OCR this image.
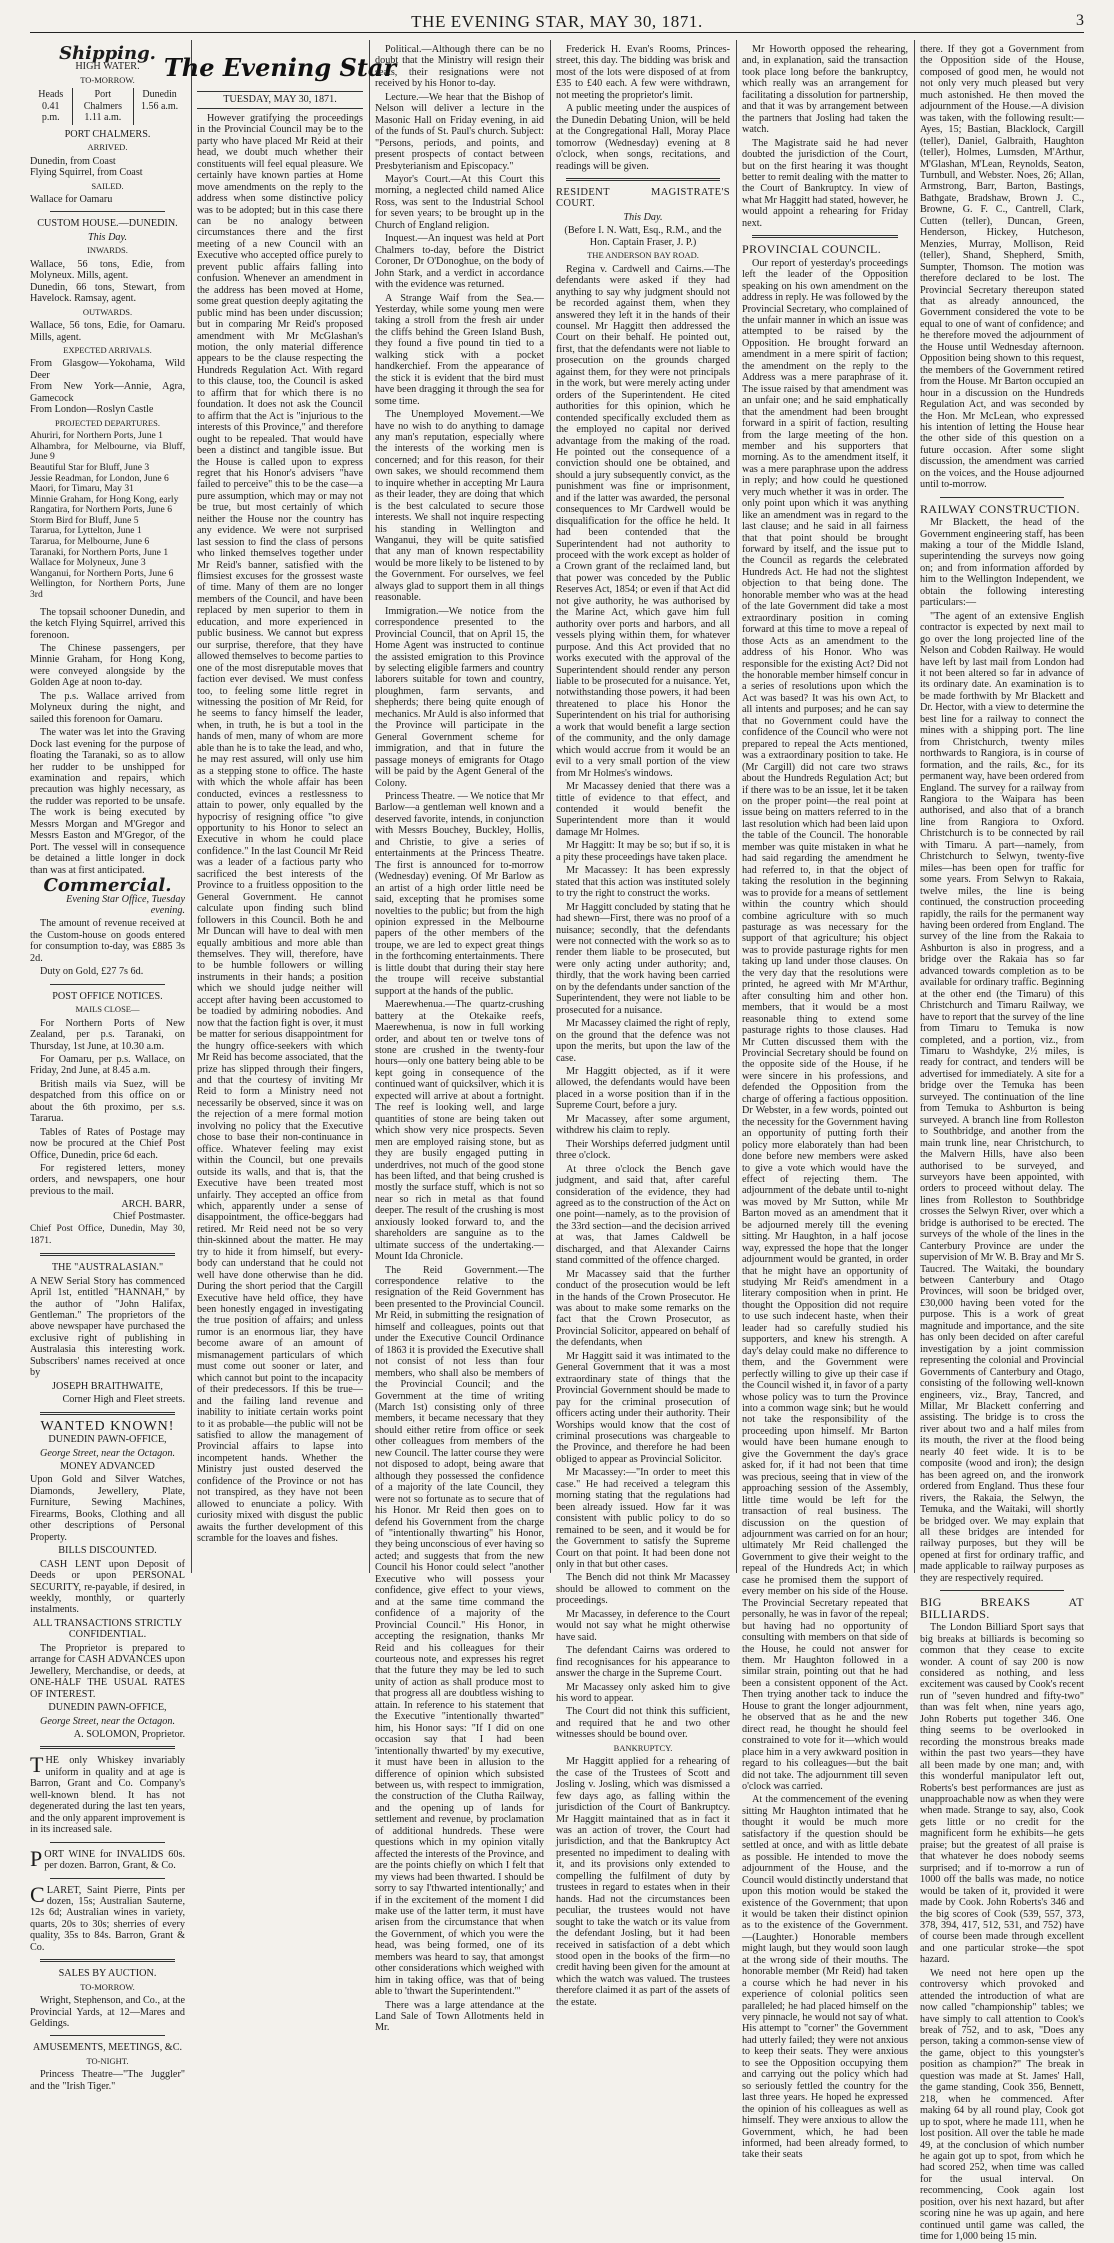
THE EVENING STAR, MAY 30, 1871.	3
Shipping.

HIGH WATER.

TO-MORROW.

Heads 0.41 p.m.	Port Chalmers 1.11 a.m.	Dunedin 1.56 a.m.

PORT CHALMERS.

ARRIVED.

Dunedin, from Coast
Flying Squirrel, from Coast

SAILED.

Wallace for Oamaru

CUSTOM HOUSE.—DUNEDIN.

This Day.

INWARDS.

Wallace, 56 tons, Edie, from Molyneux. Mills, agent.
Dunedin, 66 tons, Stewart, from Havelock. Ramsay, agent.

OUTWARDS.

Wallace, 56 tons, Edie, for Oamaru. Mills, agent.

EXPECTED ARRIVALS.

From Glasgow—Yokohama, Wild Deer
From New York—Annie, Agra, Gamecock
From London—Roslyn Castle

PROJECTED DEPARTURES.

Ahuriri, for Northern Ports, June 1
Alhambra, for Melbourne, via Bluff, June 9
Beautiful Star for Bluff, June 3
Jessie Readman, for London, June 6
Maori, for Timaru, May 31
Minnie Graham, for Hong Kong, early
Rangatira, for Northern Ports, June 6
Storm Bird for Bluff, June 5
Tararua, for Lyttelton, June 1
Tararua, for Melbourne, June 6
Taranaki, for Northern Ports, June 1
Wallace for Molyneux, June 3
Wanganui, for Northern Ports, June 6
Wellington, for Northern Ports, June 3rd

The topsail schooner Dunedin, and the ketch Flying Squirrel, arrived this forenoon.

The Chinese passengers, per Minnie Graham, for Hong Kong, were conveyed alongside by the Golden Age at noon to-day.

The p.s. Wallace arrived from Molyneux during the night, and sailed this forenoon for Oamaru.

The water was let into the Graving Dock last evening for the purpose of floating the Taranaki, so as to allow her rudder to be unshipped for examination and repairs, which precaution was highly necessary, as the rudder was reported to be unsafe. The work is being executed by Messrs Morgan and M'Gregor and Messrs Easton and M'Gregor, of the Port. The vessel will in consequence be detained a little longer in dock than was at first anticipated.

Commercial.

Evening Star Office, Tuesday evening.

The amount of revenue received at the Custom-house on goods entered for consumption to-day, was £885 3s 2d.

Duty on Gold, £27 7s 6d.

POST OFFICE NOTICES.

MAILS CLOSE—

For Northern Ports of New Zealand, per p.s. Taranaki, on Thursday, 1st June, at 10.30 a.m.

For Oamaru, per p.s. Wallace, on Friday, 2nd June, at 8.45 a.m.

British mails via Suez, will be despatched from this office on or about the 6th proximo, per s.s. Tararua.

Tables of Rates of Postage may now be procured at the Chief Post Office, Dunedin, price 6d each.

For registered letters, money orders, and newspapers, one hour previous to the mail.

ARCH. BARR,
Chief Postmaster.

Chief Post Office, Dunedin, May 30, 1871.

THE "AUSTRALASIAN."

A NEW Serial Story has commenced April 1st, entitled "HANNAH," by the author of "John Halifax, Gentleman." The proprietors of the above newspaper have purchased the exclusive right of publishing in Australasia this interesting work. Subscribers' names received at once by

JOSEPH BRAITHWAITE,

Corner High and Fleet streets.

WANTED KNOWN!

DUNEDIN PAWN-OFFICE,

George Street, near the Octagon.

MONEY ADVANCED

Upon Gold and Silver Watches, Diamonds, Jewellery, Plate, Furniture, Sewing Machines, Firearms, Books, Clothing and all other descriptions of Personal Property.

BILLS DISCOUNTED.

CASH LENT upon Deposit of Deeds or upon PERSONAL SECURITY, re-payable, if desired, in weekly, monthly, or quarterly instalments.

ALL TRANSACTIONS STRICTLY CONFIDENTIAL.

The Proprietor is prepared to arrange for CASH ADVANCES upon Jewellery, Merchandise, or deeds, at ONE-HALF THE USUAL RATES OF INTEREST.

DUNEDIN PAWN-OFFICE,

George Street, near the Octagon.

A. SOLOMON, Proprietor.

THE only Whiskey invariably uniform in quality and at age is Barron, Grant and Co. Company's well-known blend. It has not degenerated during the last ten years, and the only apparent improvement is in its increased sale.

PORT WINE for INVALIDS 60s. per dozen. Barron, Grant, & Co.

CLARET, Saint Pierre, Pints per dozen, 15s; Australian Sauterne, 12s 6d; Australian wines in variety, quarts, 20s to 30s; sherries of every quality, 35s to 84s. Barron, Grant & Co.

SALES BY AUCTION.

TO-MORROW.

Wright, Stephenson, and Co., at the Provincial Yards, at 12—Mares and Geldings.

AMUSEMENTS, MEETINGS, &C.

TO-NIGHT.

Princess Theatre—"The Juggler" and the "Irish Tiger."

The Evening Star

TUESDAY, MAY 30, 1871.

However gratifying the proceedings in the Provincial Council may be to the party who have placed Mr Reid at their head, we doubt much whether their constituents will feel equal pleasure. We certainly have known parties at Home move amendments on the reply to the address when some distinctive policy was to be adopted; but in this case there can be no analogy between circumstances there and the first meeting of a new Council with an Executive who accepted office purely to prevent public affairs falling into confusion. Whenever an amendment in the address has been moved at Home, some great question deeply agitating the public mind has been under discussion; but in comparing Mr Reid's proposed amendment with Mr McGlashan's motion, the only material difference appears to be the clause respecting the Hundreds Regulation Act. With regard to this clause, too, the Council is asked to affirm that for which there is no foundation. It does not ask the Council to affirm that the Act is "injurious to the interests of this Province," and therefore ought to be repealed. That would have been a distinct and tangible issue. But the House is called upon to express regret that his Honor's advisers "have failed to perceive" this to be the case—a pure assumption, which may or may not be true, but most certainly of which neither the House nor the country has any evidence. We were not surprised last session to find the class of persons who linked themselves together under Mr Reid's banner, satisfied with the flimsiest excuses for the grossest waste of time. Many of them are no longer members of the Council, and have been replaced by men superior to them in education, and more experienced in public business. We cannot but express our surprise, therefore, that they have allowed themselves to become parties to one of the most disreputable moves that faction ever devised. We must confess too, to feeling some little regret in witnessing the position of Mr Reid, for he seems to fancy himself the leader, when, in truth, he is but a tool in the hands of men, many of whom are more able than he is to take the lead, and who, he may rest assured, will only use him as a stepping stone to office. The haste with which the whole affair has been conducted, evinces a restlessness to attain to power, only equalled by the hypocrisy of resigning office "to give opportunity to his Honor to select an Executive in whom he could place confidence." In the last Council Mr Reid was a leader of a factious party who sacrificed the best interests of the Province to a fruitless opposition to the General Government. He cannot calculate upon finding such blind followers in this Council. Both he and Mr Duncan will have to deal with men equally ambitious and more able than themselves. They will, therefore, have to be humble followers or willing instruments in their hands; a position which we should judge neither will accept after having been accustomed to be toadied by admiring nobodies. And now that the faction fight is over, it must be matter for serious disappointment for the hungry office-seekers with which Mr Reid has become associated, that the prize has slipped through their fingers, and that the courtesy of inviting Mr Reid to form a Ministry need not necessarily be observed, since it was on the rejection of a mere formal motion involving no policy that the Executive chose to base their non-continuance in office. Whatever feeling may exist within the Council, but one prevails outside its walls, and that is, that the Executive have been treated most unfairly. They accepted an office from which, apparently under a sense of disappointment, the office-beggars had retired. Mr Reid need not be so very thin-skinned about the matter. He may try to hide it from himself, but every-body can understand that he could not well have done otherwise than he did. During the short period that the Cargill Executive have held office, they have been honestly engaged in investigating the true position of affairs; and unless rumor is an enormous liar, they have become aware of an amount of mismanagement particulars of which must come out sooner or later, and which cannot but point to the incapacity of their predecessors. If this be true—and the failing land revenue and inability to initiate certain works point to it as probable—the public will not be satisfied to allow the management of Provincial affairs to lapse into incompetent hands. Whether the Ministry just ousted deserved the confidence of the Province or not has not transpired, as they have not been allowed to enunciate a policy. With curiosity mixed with disgust the public awaits the further development of this scramble for the loaves and fishes.

Political.—Although there can be no doubt that the Ministry will resign their seats, their resignations were not received by his Honor to-day.

Lecture.—We hear that the Bishop of Nelson will deliver a lecture in the Masonic Hall on Friday evening, in aid of the funds of St. Paul's church. Subject: "Persons, periods, and points, and present prospects of contact between Presbyterianism and Episcopacy."

Mayor's Court.—At this Court this morning, a neglected child named Alice Ross, was sent to the Industrial School for seven years; to be brought up in the Church of England religion.

Inquest.—An inquest was held at Port Chalmers to-day, before the District Coroner, Dr O'Donoghue, on the body of John Stark, and a verdict in accordance with the evidence was returned.

A Strange Waif from the Sea.—Yesterday, while some young men were taking a stroll from the fresh air under the cliffs behind the Green Island Bush, they found a five pound tin tied to a walking stick with a pocket handkerchief. From the appearance of the stick it is evident that the bird must have been dragging it through the sea for some time.

The Unemployed Movement.—We have no wish to do anything to damage any man's reputation, especially where the interests of the working men is concerned; and for this reason, for their own sakes, we should recommend them to inquire whether in accepting Mr Laura as their leader, they are doing that which is the best calculated to secure those interests. We shall not inquire respecting his standing in Wellington and Wanganui, they will be quite satisfied that any man of known respectability would be more likely to be listened to by the Government. For ourselves, we feel always glad to support them in all things reasonable.

Immigration.—We notice from the correspondence presented to the Provincial Council, that on April 15, the Home Agent was instructed to continue the assisted emigration to this Province by selecting eligible farmers and country laborers suitable for town and country, ploughmen, farm servants, and shepherds; there being quite enough of mechanics. Mr Auld is also informed that the Province will participate in the General Government scheme for immigration, and that in future the passage moneys of emigrants for Otago will be paid by the Agent General of the Colony.

Princess Theatre. — We notice that Mr Barlow—a gentleman well known and a deserved favorite, intends, in conjunction with Messrs Bouchey, Buckley, Hollis, and Christie, to give a series of entertainments at the Princess Theatre. The first is announced for to-morrow (Wednesday) evening. Of Mr Barlow as an artist of a high order little need be said, excepting that he promises some novelties to the public; but from the high opinion expressed in the Melbourne papers of the other members of the troupe, we are led to expect great things in the forthcoming entertainments. There is little doubt that during their stay here the troupe will receive substantial support at the hands of the public.

Maerewhenua.—The quartz-crushing battery at the Otekaike reefs, Maerewhenua, is now in full working order, and about ten or twelve tons of stone are crushed in the twenty-four hours—only one battery being able to be kept going in consequence of the continued want of quicksilver, which it is expected will arrive at about a fortnight. The reef is looking well, and large quantities of stone are being taken out which show very nice prospects. Seven men are employed raising stone, but as they are busily engaged putting in underdrives, not much of the good stone has been lifted, and that being crushed is mostly the surface stuff, which is not so near so rich in metal as that found deeper. The result of the crushing is most anxiously looked forward to, and the shareholders are sanguine as to the ultimate success of the undertaking.—Mount Ida Chronicle.

The Reid Government.—The correspondence relative to the resignation of the Reid Government has been presented to the Provincial Council. Mr Reid, in submitting the resignation of himself and colleagues, points out that under the Executive Council Ordinance of 1863 it is provided the Executive shall not consist of not less than four members, who shall also be members of the Provincial Council; and the Government at the time of writing (March 1st) consisting only of three members, it became necessary that they should either retire from office or seek other colleagues from members of the new Council. The latter course they were not disposed to adopt, being aware that although they possessed the confidence of a majority of the late Council, they were not so fortunate as to secure that of his Honor. Mr Reid then goes on to defend his Government from the charge of "intentionally thwarting" his Honor, they being unconscious of ever having so acted; and suggests that from the new Council his Honor could select "another Executive who will possess your confidence, give effect to your views, and at the same time command the confidence of a majority of the Provincial Council." His Honor, in accepting the resignation, thanks Mr Reid and his colleagues for their courteous note, and expresses his regret that the future they may be led to such unity of action as shall produce most to that progress all are doubtless wishing to attain. In reference to his statement that the Executive "intentionally thwarted" him, his Honor says: "If I did on one occasion say that I had been 'intentionally thwarted' by my executive, it must have been in allusion to the difference of opinion which subsisted between us, with respect to immigration, the construction of the Clutha Railway, and the opening up of lands for settlement and revenue, by proclamation of additional hundreds. These were questions which in my opinion vitally affected the interests of the Province, and are the points chiefly on which I felt that my views had been thwarted. I should be sorry to say I'thwarted intentionally;' and if in the excitement of the moment I did make use of the latter term, it must have arisen from the circumstance that when the Government, of which you were the head, was being formed, one of its members was heard to say, that amongst other considerations which weighed with him in taking office, was that of being able to 'thwart the Superintendent.'"

There was a large attendance at the Land Sale of Town Allotments held in Mr.

Frederick H. Evan's Rooms, Princes-street, this day. The bidding was brisk and most of the lots were disposed of at from £35 to £40 each. A few were withdrawn, not meeting the proprietor's limit.

A public meeting under the auspices of the Dunedin Debating Union, will be held at the Congregational Hall, Moray Place tomorrow (Wednesday) evening at 8 o'clock, when songs, recitations, and readings will be given.

RESIDENT MAGISTRATE'S COURT.

This Day.

(Before I. N. Watt, Esq., R.M., and the Hon. Captain Fraser, J. P.)

THE ANDERSON BAY ROAD.

Regina v. Cardwell and Cairns.—The defendants were asked if they had anything to say why judgment should not be recorded against them, when they answered they left it in the hands of their counsel. Mr Haggitt then addressed the Court on their behalf. He pointed out, first, that the defendants were not liable to prosecution on the grounds charged against them, for they were not principals in the work, but were merely acting under orders of the Superintendent. He cited authorities for this opinion, which he contended specifically excluded them as the employed no capital nor derived advantage from the making of the road. He pointed out the consequence of a conviction should one be obtained, and should a jury subsequently convict, as the punishment was fine or imprisonment, and if the latter was awarded, the personal consequences to Mr Cardwell would be disqualification for the office he held. It had been contended that the Superintendent had not authority to proceed with the work except as holder of a Crown grant of the reclaimed land, but that power was conceded by the Public Reserves Act, 1854; or even if that Act did not give authority, he was authorised by the Marine Act, which gave him full authority over ports and harbors, and all vessels plying within them, for whatever purpose. And this Act provided that no works executed with the approval of the Superintendent should render any person liable to be prosecuted for a nuisance. Yet, notwithstanding those powers, it had been threatened to place his Honor the Superintendent on his trial for authorising a work that would benefit a large section of the community, and the only damage which would accrue from it would be an evil to a very small portion of the view from Mr Holmes's windows.

Mr Macassey denied that there was a tittle of evidence to that effect, and contended it would benefit the Superintendent more than it would damage Mr Holmes.

Mr Haggitt: It may be so; but if so, it is a pity these proceedings have taken place.

Mr Macassey: It has been expressly stated that this action was instituted solely to try the right to construct the works.

Mr Haggitt concluded by stating that he had shewn—First, there was no proof of a nuisance; secondly, that the defendants were not connected with the work so as to render them liable to be prosecuted, but were only acting under authority; and, thirdly, that the work having been carried on by the defendants under sanction of the Superintendent, they were not liable to be prosecuted for a nuisance.

Mr Macassey claimed the right of reply, on the ground that the defence was not upon the merits, but upon the law of the case.

Mr Haggitt objected, as if it were allowed, the defendants would have been placed in a worse position than if in the Supreme Court, before a jury.

Mr Macassey, after some argument, withdrew his claim to reply.

Their Worships deferred judgment until three o'clock.

At three o'clock the Bench gave judgment, and said that, after careful consideration of the evidence, they had agreed as to the construction of the Act on one point—namely, as to the provision of the 33rd section—and the decision arrived at was, that James Caldwell be discharged, and that Alexander Cairns stand committed of the offence charged.

Mr Macassey said that the further conduct of the prosecution would be left in the hands of the Crown Prosecutor. He was about to make some remarks on the fact that the Crown Prosecutor, as Provincial Solicitor, appeared on behalf of the defendants, when

Mr Haggitt said it was intimated to the General Government that it was a most extraordinary state of things that the Provincial Government should be made to pay for the criminal prosecution of officers acting under their authority. Their Worships would know that the cost of criminal prosecutions was chargeable to the Province, and therefore he had been obliged to appear as Provincial Solicitor.

Mr Macassey:—"In order to meet this case." He had received a telegram this morning stating that the regulations had been already issued. How far it was consistent with public policy to do so remained to be seen, and it would be for the Government to satisfy the Supreme Court on that point. It had been done not only in that but other cases.

The Bench did not think Mr Macassey should be allowed to comment on the proceedings.

Mr Macassey, in deference to the Court would not say what he might otherwise have said.

The defendant Cairns was ordered to find recognisances for his appearance to answer the charge in the Supreme Court.

Mr Macassey only asked him to give his word to appear.

The Court did not think this sufficient, and required that he and two other witnesses should be bound over.

BANKRUPTCY.

Mr Haggitt applied for a rehearing of the case of the Trustees of Scott and Josling v. Josling, which was dismissed a few days ago, as falling within the jurisdiction of the Court of Bankruptcy. Mr Haggitt maintained that as in fact it was an action of trover, the Court had jurisdiction, and that the Bankruptcy Act presented no impediment to dealing with it, and its provisions only extended to compelling the fulfilment of duty by trustees in regard to estates when in their hands. Had not the circumstances been peculiar, the trustees would not have sought to take the watch or its value from the defendant Josling, but it had been received in satisfaction of a debt which stood open in the books of the firm—no credit having been given for the amount at which the watch was valued. The trustees therefore claimed it as part of the assets of the estate.

Mr Howorth opposed the rehearing, and, in explanation, said the transaction took place long before the bankruptcy, which really was an arrangement for facilitating a dissolution for partnership, and that it was by arrangement between the partners that Josling had taken the watch.

The Magistrate said he had never doubted the jurisdiction of the Court, but on the first hearing it was thought better to remit dealing with the matter to the Court of Bankruptcy. In view of what Mr Haggitt had stated, however, he would appoint a rehearing for Friday next.

PROVINCIAL COUNCIL.

Our report of yesterday's proceedings left the leader of the Opposition speaking on his own amendment on the address in reply. He was followed by the Provincial Secretary, who complained of the unfair manner in which an issue was attempted to be raised by the Opposition. He brought forward an amendment in a mere spirit of faction; the amendment on the reply to the Address was a mere paraphrase of it. The issue raised by that amendment was an unfair one; and he said emphatically that the amendment had been brought forward in a spirit of faction, resulting from the large meeting of the hon. member and his supporters that morning. As to the amendment itself, it was a mere paraphrase upon the address in reply; and how could he questioned very much whether it was in order. The only point upon which it was anything like an amendment was in regard to the last clause; and he said in all fairness that that point should be brought forward by itself, and the issue put to the Council as regards the celebrated Hundreds Act. He had not the slightest objection to that being done. The honorable member who was at the head of the late Government did take a most extraordinary position in coming forward at this time to move a repeal of those Acts as an amendment to the address of his Honor. Who was responsible for the existing Act? Did not the honorable member himself concur in a series of resolutions upon which the Act was based? It was his own Act, to all intents and purposes; and he can say that no Government could have the confidence of the Council who were not prepared to repeal the Acts mentioned, was a extraordinary position to take. He (Mr Cargill) did not care two straws about the Hundreds Regulation Act; but if there was to be an issue, let it be taken on the proper point—the real point at issue being on matters referred to in the last resolution which had been laid upon the table of the Council. The honorable member was quite mistaken in what he had said regarding the amendment he had referred to, in that the object of taking the resolution in the beginning was to provide for a means of settlement within the country which should combine agriculture with so much pasturage as was necessary for the support of that agriculture; his object was to provide pasturage rights for men taking up land under those clauses. On the very day that the resolutions were printed, he agreed with Mr M'Arthur, after consulting him and other hon. members, that it would be a most reasonable thing to extend some pasturage rights to those clauses. Had Mr Cutten discussed them with the Provincial Secretary should be found on the opposite side of the House, if he were sincere in his professions, and defended the Opposition from the charge of offering a factious opposition. Dr Webster, in a few words, pointed out the necessity for the Government having an opportunity of putting forth their policy more elaborately than had been done before new members were asked to give a vote which would have the effect of rejecting them. The adjournment of the debate until to-night was moved by Mr Sutton, while Mr Barton moved as an amendment that it be adjourned merely till the evening sitting. Mr Haughton, in a half jocose way, expressed the hope that the longer adjournment would be granted, in order that he might have an opportunity of studying Mr Reid's amendment in a literary composition when in print. He thought the Opposition did not require to use such indecent haste, when their leader had so carefully studied his supporters, and knew his strength. A day's delay could make no difference to them, and the Government were perfectly willing to give up their case if the Council wished it, in favor of a party whose policy was to turn the Province into a common wage sink; but he would not take the responsibility of the proceeding upon himself. Mr Barton would have been humane enough to give the Government the day's grace asked for, if it had not been that time was precious, seeing that in view of the approaching session of the Assembly, little time would be left for the transaction of real business. The discussion on the question of adjournment was carried on for an hour; ultimately Mr Reid challenged the Government to give their weight to the repeal of the Hundreds Act; in which case he promised them the support of every member on his side of the House. The Provincial Secretary repeated that personally, he was in favor of the repeal; but having had no opportunity of consulting with members on that side of the House, he could not answer for them. Mr Haughton followed in a similar strain, pointing out that he had been a consistent opponent of the Act. Then trying another tack to induce the House to grant the longer adjournment, he observed that as he and the new direct read, he thought he should feel constrained to vote for it—which would place him in a very awkward position in regard to his colleagues—but the bait did not take. The adjournment till seven o'clock was carried.

At the commencement of the evening sitting Mr Haughton intimated that he thought it would be much more satisfactory if the question should be settled at once, and with as little debate as possible. He intended to move the adjournment of the House, and the Council would distinctly understand that upon this motion would be staked the existence of the Government; that upon it would be taken their distinct opinion as to the existence of the Government.—(Laughter.) Honorable members might laugh, but they would soon laugh at the wrong side of their mouths. The honorable member (Mr Reid) had taken a course which he had never in his experience of colonial politics seen paralleled; he had placed himself on the very pinnacle, he would not say of what. His attempt to "corner" the Government had utterly failed; they were not anxious to keep their seats. They were anxious to see the Opposition occupying them and carrying out the policy which had so seriously fettled the country for the last three years. He hoped he expressed the opinion of his colleagues as well as himself. They were anxious to allow the Government, which, he had been informed, had been already formed, to take their seats

there. If they got a Government from the Opposition side of the House, composed of good men, he would not not only very much pleased but very much astonished. He then moved the adjournment of the House.—A division was taken, with the following result:—Ayes, 15; Bastian, Blacklock, Cargill (teller), Daniel, Galbraith, Haughton (teller), Holmes, Lumsden, M'Arthur, M'Glashan, M'Lean, Reynolds, Seaton, Turnbull, and Webster. Noes, 26; Allan, Armstrong, Barr, Barton, Bastings, Bathgate, Bradshaw, Brown J. C., Browne, G. F. C., Cantrell, Clark, Cutten (teller), Duncan, Green, Henderson, Hickey, Hutcheson, Menzies, Murray, Mollison, Reid (teller), Shand, Shepherd, Smith, Sumpter, Thomson. The motion was therefore declared to be lost. The Provincial Secretary thereupon stated that as already announced, the Government considered the vote to be equal to one of want of confidence; and he therefore moved the adjournment of the House until Wednesday afternoon. Opposition being shown to this request, the members of the Government retired from the House. Mr Barton occupied an hour in a discussion on the Hundreds Regulation Act, and was seconded by the Hon. Mr McLean, who expressed his intention of letting the House hear the other side of this question on a future occasion. After some slight discussion, the amendment was carried on the voices, and the House adjourned until to-morrow.

RAILWAY CONSTRUCTION.

Mr Blackett, the head of the Government engineering staff, has been making a tour of the Middle Island, superintending the surveys now going on; and from information afforded by him to the Wellington Independent, we obtain the following interesting particulars:—

"The agent of an extensive English contractor is expected by next mail to go over the long projected line of the Nelson and Cobden Railway. He would have left by last mail from London had it not been altered so far in advance of its ordinary date. An examination is to be made forthwith by Mr Blackett and Dr. Hector, with a view to determine the best line for a railway to connect the mines with a shipping port. The line from Christchurch, twenty miles northwards to Rangiora, is in course of formation, and the rails, &c., for its permanent way, have been ordered from England. The survey for a railway from Rangiora to the Waipara has been authorised, and also that of a branch line from Rangiora to Oxford. Christchurch is to be connected by rail with Timaru. A part—namely, from Christchurch to Selwyn, twenty-five miles—has been open for traffic for some years. From Selwyn to Rakaia, twelve miles, the line is being continued, the construction proceeding rapidly, the rails for the permanent way having been ordered from England. The survey of the line from the Rakaia to Ashburton is also in progress, and a bridge over the Rakaia has so far advanced towards completion as to be available for ordinary traffic. Beginning at the other end (the Timaru) of this Christchurch and Timaru Railway, we have to report that the survey of the line from Timaru to Temuka is now completed, and a portion, viz., from Timaru to Washdyke, 2½ miles, is ready for contract, and tenders will be advertised for immediately. A site for a bridge over the Temuka has been surveyed. The continuation of the line from Temuka to Ashburton is being surveyed. A branch line from Rolleston to Southbridge, and another from the main trunk line, near Christchurch, to the Malvern Hills, have also been authorised to be surveyed, and surveyors have been appointed, with orders to proceed without delay. The lines from Rolleston to Southbridge crosses the Selwyn River, over which a bridge is authorised to be erected. The surveys of the whole of the lines in the Canterbury Province are under the supervision of Mr W. B. Bray and Mr S. Taucred. The Waitaki, the boundary between Canterbury and Otago Provinces, will soon be bridged over, £30,000 having been voted for the purpose. This is a work of great magnitude and importance, and the site has only been decided on after careful investigation by a joint commission representing the colonial and Provincial Governments of Canterbury and Otago, consisting of the following well-known engineers, viz., Bray, Tancred, and Millar, Mr Blackett conferring and assisting. The bridge is to cross the river about two and a half miles from its mouth, the river at the flood being nearly 40 feet wide. It is to be composite (wood and iron); the design has been agreed on, and the ironwork ordered from England. Thus these four rivers, the Rakaia, the Selwyn, the Temuka, and the Waitaki, will shortly be bridged over. We may explain that all these bridges are intended for railway purposes, but they will be opened at first for ordinary traffic, and made applicable to railway purposes as they are respectively required.

BIG BREAKS AT BILLIARDS.

The London Billiard Sport says that big breaks at billiards is becoming so common that they cease to excite wonder. A count of say 200 is now considered as nothing, and less excitement was caused by Cook's recent run of "seven hundred and fifty-two" than was felt when, nine years ago, John Roberts put together 346. One thing seems to be overlooked in recording the monstrous breaks made within the past two years—they have all been made by one man; and, with this wonderful manipulator left out, Roberts's best performances are just as unapproachable now as when they were when made. Strange to say, also, Cook gets little or no credit for the magnificent form he exhibits—he gets praise; but the greatest of all praise is that whatever he does nobody seems surprised; and if to-morrow a run of 1000 off the balls was made, no notice would be taken of it, provided it were made by Cook. John Roberts's 346 and the big scores of Cook (539, 557, 373, 378, 394, 417, 512, 531, and 752) have of course been made through excellent and one particular stroke—the spot hazard.

We need not here open up the controversy which provoked and attended the introduction of what are now called "championship" tables; we have simply to call attention to Cook's break of 752, and to ask, "Does any person, taking a common-sense view of the game, object to this youngster's position as champion?" The break in question was made at St. James' Hall, the game standing, Cook 356, Bennett, 218, when he commenced. After making 64 by all round play, Cook got up to spot, where he made 111, when he lost position. All over the table he made 49, at the conclusion of which number he again got up to spot, from which he had scored 252, when time was called for the usual interval. On recommencing, Cook again lost position, over his next hazard, but after scoring nine he was up again, and here continued until game was called, the time for 1,000 being 15 min.
